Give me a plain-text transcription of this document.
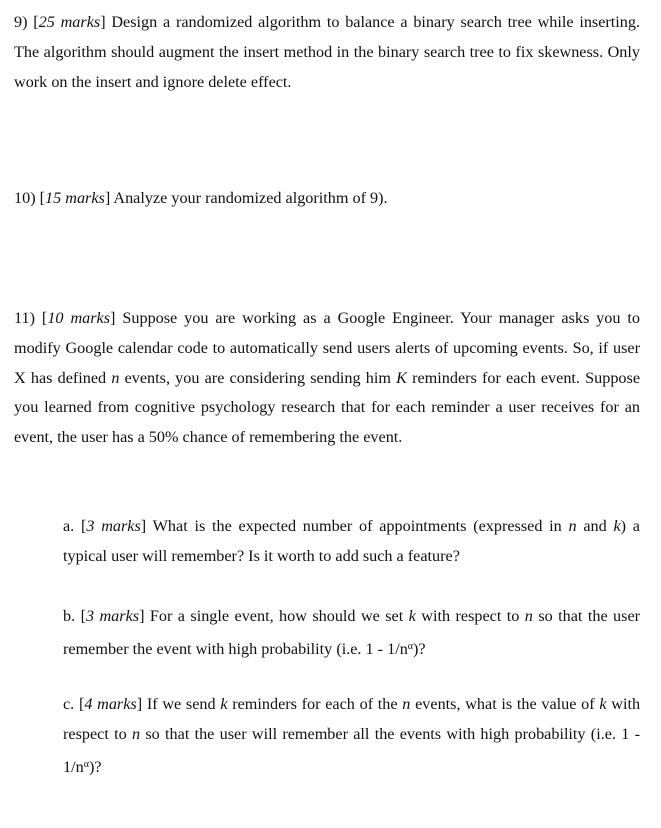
9) [25 marks] Design a randomized algorithm to balance a binary search tree while inserting. The algorithm should augment the insert method in the binary search tree to fix skewness. Only work on the insert and ignore delete effect.

10) [15 marks] Analyze your randomized algorithm of 9).

11) [10 marks] Suppose you are working as a Google Engineer. Your manager asks you to modify Google calendar code to automatically send users alerts of upcoming events. So, if user X has defined n events, you are considering sending him K reminders for each event. Suppose you learned from cognitive psychology research that for each reminder a user receives for an event, the user has a 50% chance of remembering the event.

a. [3 marks] What is the expected number of appointments (expressed in n and k) a typical user will remember? Is it worth to add such a feature?

b. [3 marks] For a single event, how should we set k with respect to n so that the user remember the event with high probability (i.e. $1 - 1/n^\alpha$)?

c. [4 marks] If we send k reminders for each of the n events, what is the value of k with respect to n so that the user will remember all the events with high probability (i.e. $1 - 1/n^\alpha$)?
